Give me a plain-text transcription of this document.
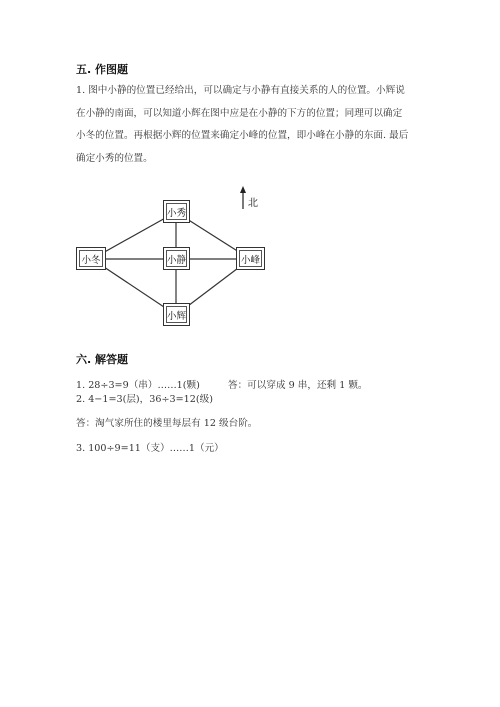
五. 作图题
1. 图中小静的位置已经给出，可以确定与小静有直接关系的人的位置。小辉说
在小静的南面，可以知道小辉在图中应是在小静的下方的位置；同理可以确定
小冬的位置。再根据小辉的位置来确定小峰的位置，即小峰在小静的东面. 最后
确定小秀的位置。
北
小秀
小静
小冬	小峰
小辉
六. 解答题
1. 28÷3=9（串）……1(颗)	答：可以穿成 9 串，还剩 1 颗。
2. 4−1=3(层)，36÷3=12(级)
答：淘气家所住的楼里每层有 12 级台阶。
3. 100÷9=11（支）……1（元）
